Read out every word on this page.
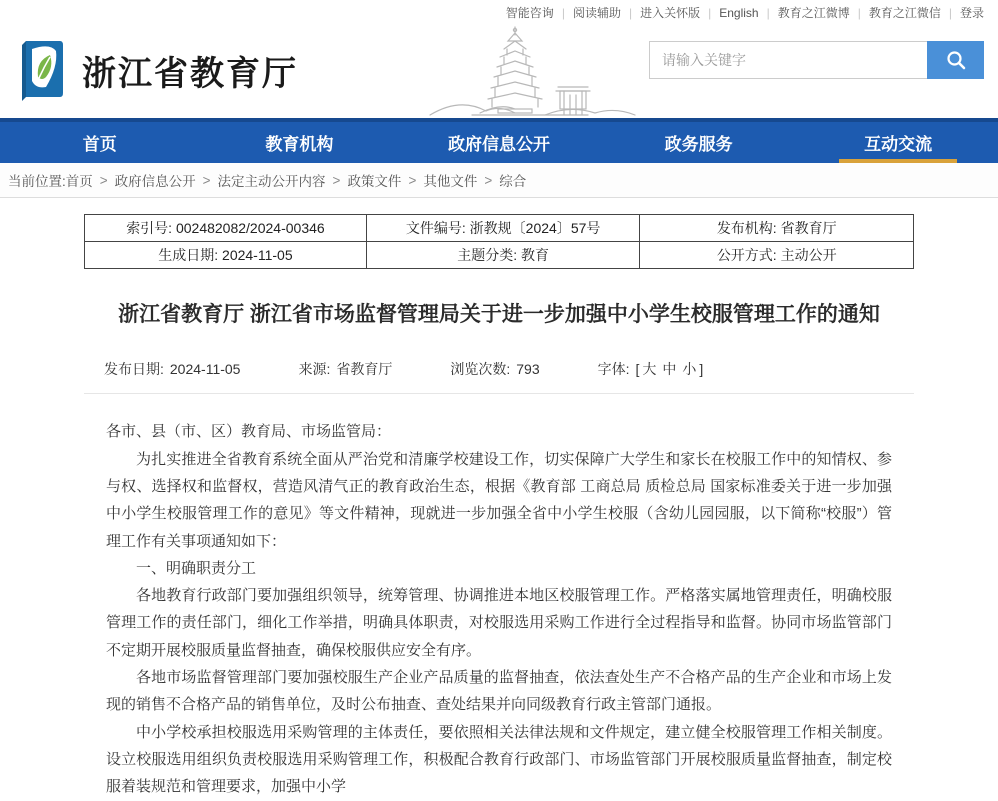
智能咨询 | 阅读辅助 | 进入关怀版 | English | 教育之江微博 | 教育之江微信 | 登录
浙江省教育厅
请输入关键字
首页	教育机构	政府信息公开	政务服务	互动交流
当前位置: 首页 > 政府信息公开 > 法定主动公开内容 > 政策文件 > 其他文件 > 综合
索引号: 002482082/2024-00346	文件编号: 浙教规〔2024〕57号	发布机构: 省教育厅
生成日期: 2024-11-05	主题分类: 教育	公开方式: 主动公开
浙江省教育厅 浙江省市场监督管理局关于进一步加强中小学生校服管理工作的通知
发布日期: 2024-11-05	来源: 省教育厅	浏览次数: 793	字体: [ 大 中 小 ]

各市、县（市、区）教育局、市场监管局：

为扎实推进全省教育系统全面从严治党和清廉学校建设工作，切实保障广大学生和家长在校服工作中的知情权、参与权、选择权和监督权，营造风清气正的教育政治生态，根据《教育部 工商总局 质检总局 国家标准委关于进一步加强中小学生校服管理工作的意见》等文件精神，现就进一步加强全省中小学生校服（含幼儿园园服，以下简称“校服”）管理工作有关事项通知如下：

一、明确职责分工

各地教育行政部门要加强组织领导，统筹管理、协调推进本地区校服管理工作。严格落实属地管理责任，明确校服管理工作的责任部门，细化工作举措，明确具体职责，对校服选用采购工作进行全过程指导和监督。协同市场监管部门不定期开展校服质量监督抽查，确保校服供应安全有序。

各地市场监督管理部门要加强校服生产企业产品质量的监督抽查，依法查处生产不合格产品的生产企业和市场上发现的销售不合格产品的销售单位，及时公布抽查、查处结果并向同级教育行政主管部门通报。

中小学校承担校服选用采购管理的主体责任，要依照相关法律法规和文件规定，建立健全校服管理工作相关制度。设立校服选用组织负责校服选用采购管理工作，积极配合教育行政部门、市场监管部门开展校服质量监督抽查，制定校服着装规范和管理要求，加强中小学
